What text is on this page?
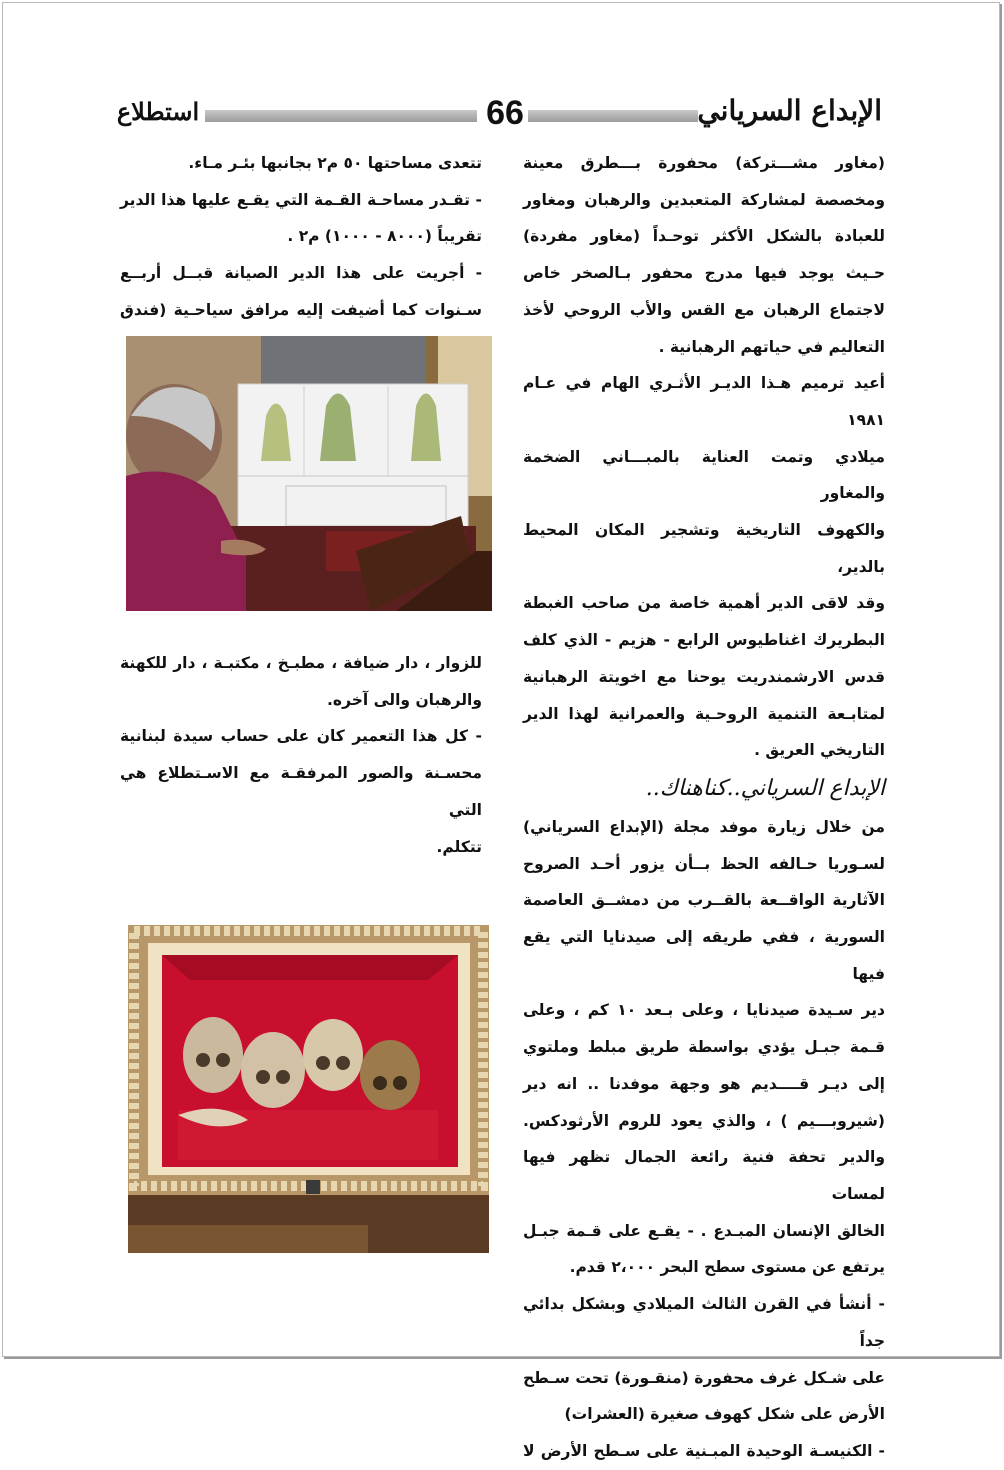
الإبداع السرياني
66
استطلاع

(مغاور مشـــتركة) محفورة بـــطرق معينة
ومخصصة لمشاركة المتعبدين والرهبان ومغاور
للعبادة بالشكل الأكثر توحـداً (مغاور مفردة)
حـيث يوجد فيها مدرج محفور بـالصخر خاص
لاجتماع الرهبان مع القس والأب الروحي لأخذ
التعاليم في حياتهم الرهبانية .
أعيد ترميم هـذا الديـر الأثـري الهام في عـام ١٩٨١
ميلادي وتمت العناية بالمبـــاني الضخمة والمغاور
والكهوف التاريخية وتشجير المكان المحيط بالدير،
وقد لاقى الدير أهمية خاصة من صاحب الغبطة
البطريرك اغناطيوس الرابع - هزيم - الذي كلف
قدس الارشمندريت يوحنا مع اخويتة الرهبانية
لمتابـعة التنمية الروحـية والعمرانية لهذا الدير
التاريخي العريق .

الإبداع السرياني..كناهناك..

من خلال زيارة موفد مجلة (الإبداع السرياني)
لسـوريا حـالفه الحظ بــأن يزور أحـد الصروح
الآثارية الواقــعة بالقــرب من دمشــق العاصمة
السورية ، ففي طريقه إلى صيدنايا التي يقع فيها
دير سـيدة صيدنايا ، وعلى بـعد ١٠ كم ، وعلى
قـمة جبـل يؤدي بواسطة طريق مبلط وملتوي
إلى ديـر قــــديم هو وجهة موفدنا .. انه دير
(شيروبـــيم ) ، والذي يعود للروم الأرثودكس.
والدير تحفة فنية رائعة الجمال تظهر فيها لمسات
الخالق الإنسان المبـدع . - يقـع على قـمة جبـل
يرتفع عن مستوى سطح البحر ٢،٠٠٠ قدم.
- أنشأ في القرن الثالث الميلادي وبشكل بدائي جداً
على شـكل غرف محفورة (منقـورة) تحت سـطح
الأرض على شكل كهوف صغيرة (العشرات)
- الكنيسـة الوحيدة المبـنية على سـطح الأرض لا

تتعدى مساحتها ٥٠ م٢ بجانبها بئـر مـاء.
- تقـدر مساحـة القـمة التي يقـع عليها هذا الدير
تقريباً (٨٠٠٠ - ١٠٠٠) م٢ .
- أجريت على هذا الدير الصيانة قبــل أربــع
سـنوات كما أضيفت إليه مرافق سياحـية (فندق

للزوار ، دار ضيافة ، مطبـخ ، مكتبـة ، دار للكهنة
والرهبان والى آخره.
- كل هذا التعمير كان على حساب سيدة لبنانية
محسـنة والصور المرفقـة مع الاسـتطلاع هي التي
تتكلم.
